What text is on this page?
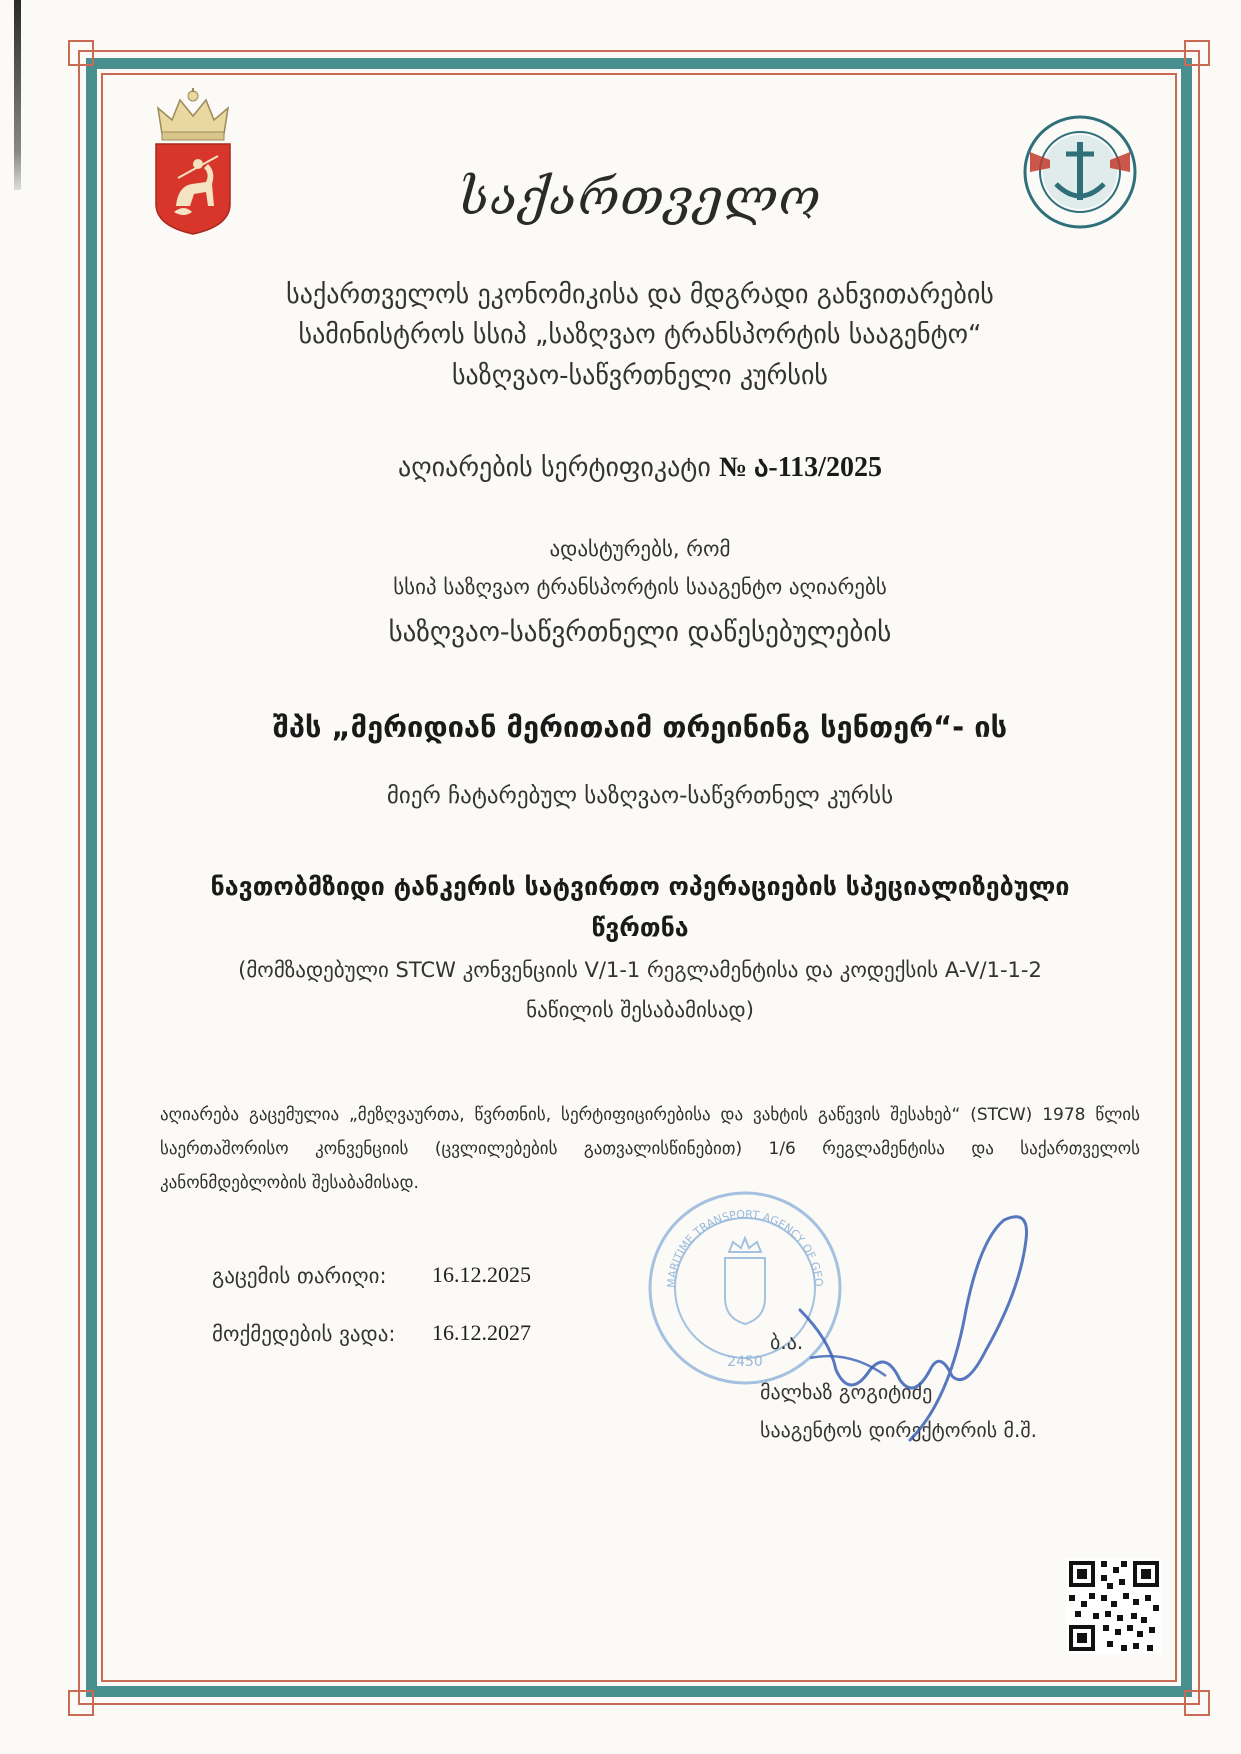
საქართველო
საქართველოს ეკონომიკისა და მდგრადი განვითარების
სამინისტროს სსიპ „საზღვაო ტრანსპორტის სააგენტო“
საზღვაო-საწვრთნელი კურსის
აღიარების სერტიფიკატი № ა-113/2025
ადასტურებს, რომ
სსიპ საზღვაო ტრანსპორტის სააგენტო აღიარებს
საზღვაო-საწვრთნელი დაწესებულების
შპს „მერიდიან მერითაიმ თრეინინგ სენთერ“- ის
მიერ ჩატარებულ საზღვაო-საწვრთნელ კურსს
ნავთობმზიდი ტანკერის სატვირთო ოპერაციების სპეციალიზებული
წვრთნა
(მომზადებული STCW კონვენციის V/1-1 რეგლამენტისა და კოდექსის A-V/1-1-2
ნაწილის შესაბამისად)
აღიარება გაცემულია „მეზღვაურთა, წვრთნის, სერტიფიცირებისა და ვახტის გაწევის შესახებ“ (STCW) 1978 წლის საერთაშორისო კონვენციის (ცვლილებების გათვალისწინებით) 1/6 რეგლამენტისა და საქართველოს კანონმდებლობის შესაბამისად.
MARITIME TRANSPORT AGENCY OF GEO
2450
გაცემის თარიღი: 16.12.2025
მოქმედების ვადა: 16.12.2027	ბ.ა.
მალხაზ გოგიტიძე
სააგენტოს დირექტორის მ.შ.
